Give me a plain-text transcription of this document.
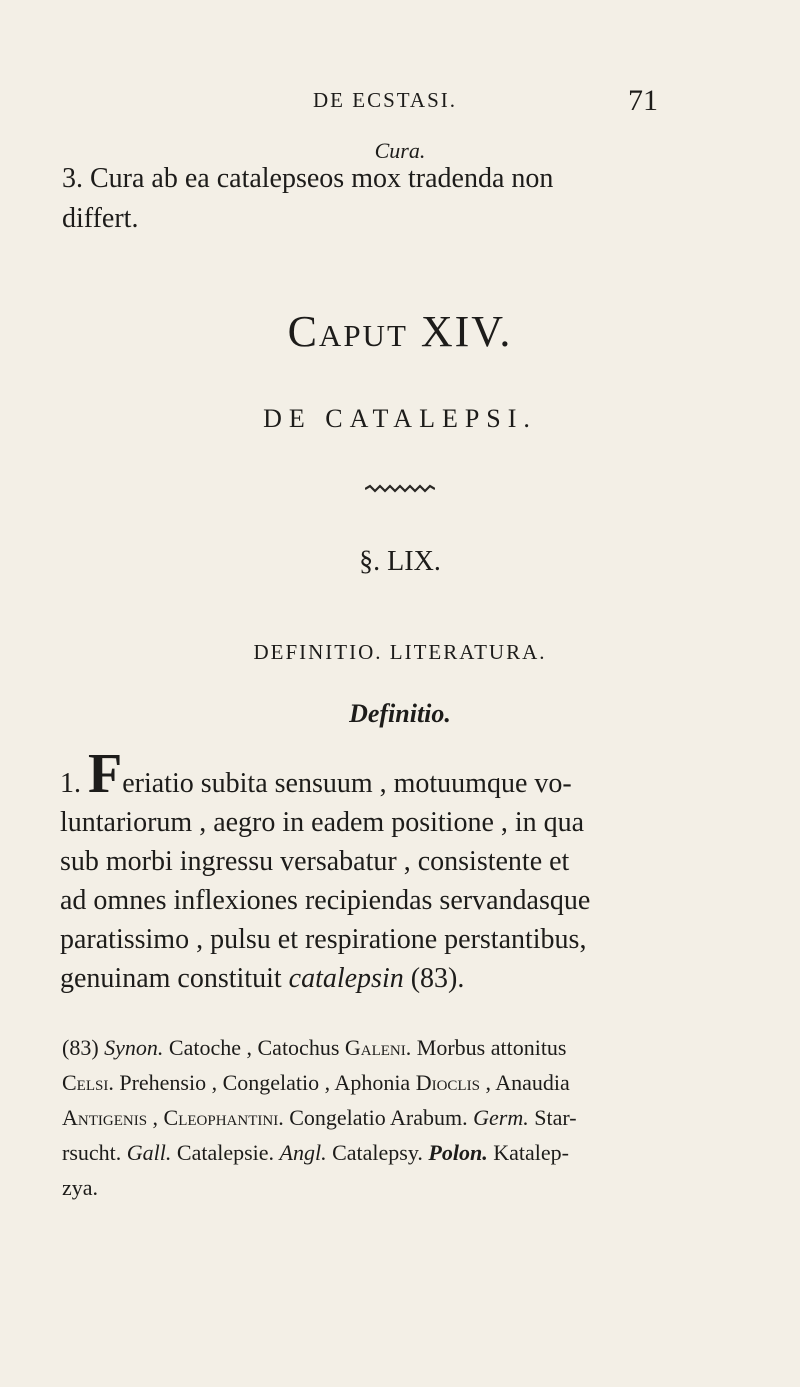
DE ECSTASI.	71
Cura.
3. Cura ab ea catalepseos mox tradenda non
differt.
Caput XIV.
DE CATALEPSI.
§. LIX.
DEFINITIO. LITERATURA.
Definitio.
1. Feriatio subita sensuum , motuumque vo-
luntariorum , aegro in eadem positione , in qua
sub morbi ingressu versabatur , consistente et
ad omnes inflexiones recipiendas servandasque
paratissimo , pulsu et respiratione perstantibus,
genuinam constituit catalepsin (83).
(83) Synon. Catoche , Catochus Galeni. Morbus attonitus
Celsi. Prehensio , Congelatio , Aphonia Dioclis , Anaudia
Antigenis , Cleophantini. Congelatio Arabum. Germ. Star-
rsucht. Gall. Catalepsie. Angl. Catalepsy. Polon. Katalep-
zya.
